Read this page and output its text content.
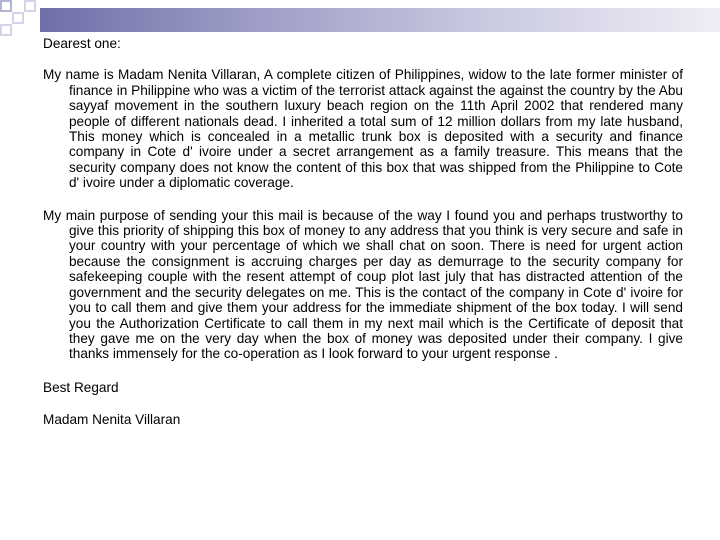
Dearest one:

My name is Madam Nenita Villaran, A complete citizen of Philippines, widow to the late former minister of finance in Philippine who was a victim of the terrorist attack against the against the country by the Abu sayyaf movement in the southern luxury beach region on the 11th April 2002 that rendered many people of different nationals dead. I inherited a total sum of 12 million dollars from my late husband, This money which is concealed in a metallic trunk box is deposited with a security and finance company in Cote d' ivoire under a secret arrangement as a family treasure. This means that the security company does not know the content of this box that was shipped from the Philippine to Cote d' ivoire under a diplomatic coverage.

My main purpose of sending your this mail is because of the way I found you and perhaps trustworthy to give this priority of shipping this box of money to any address that you think is very secure and safe in your country with your percentage of which we shall chat on soon. There is need for urgent action because the consignment is accruing charges per day as demurrage to the security company for safekeeping couple with the resent attempt of coup plot last july that has distracted attention of the government and the security delegates on me. This is the contact of the company in Cote d' ivoire for you to call them and give them your address for the immediate shipment of the box today. I will send you the Authorization Certificate to call them in my next mail which is the Certificate of deposit that they gave me on the very day when the box of money was deposited under their company. I give thanks immensely for the co-operation as I look forward to your urgent response .

Best Regard

Madam Nenita Villaran
